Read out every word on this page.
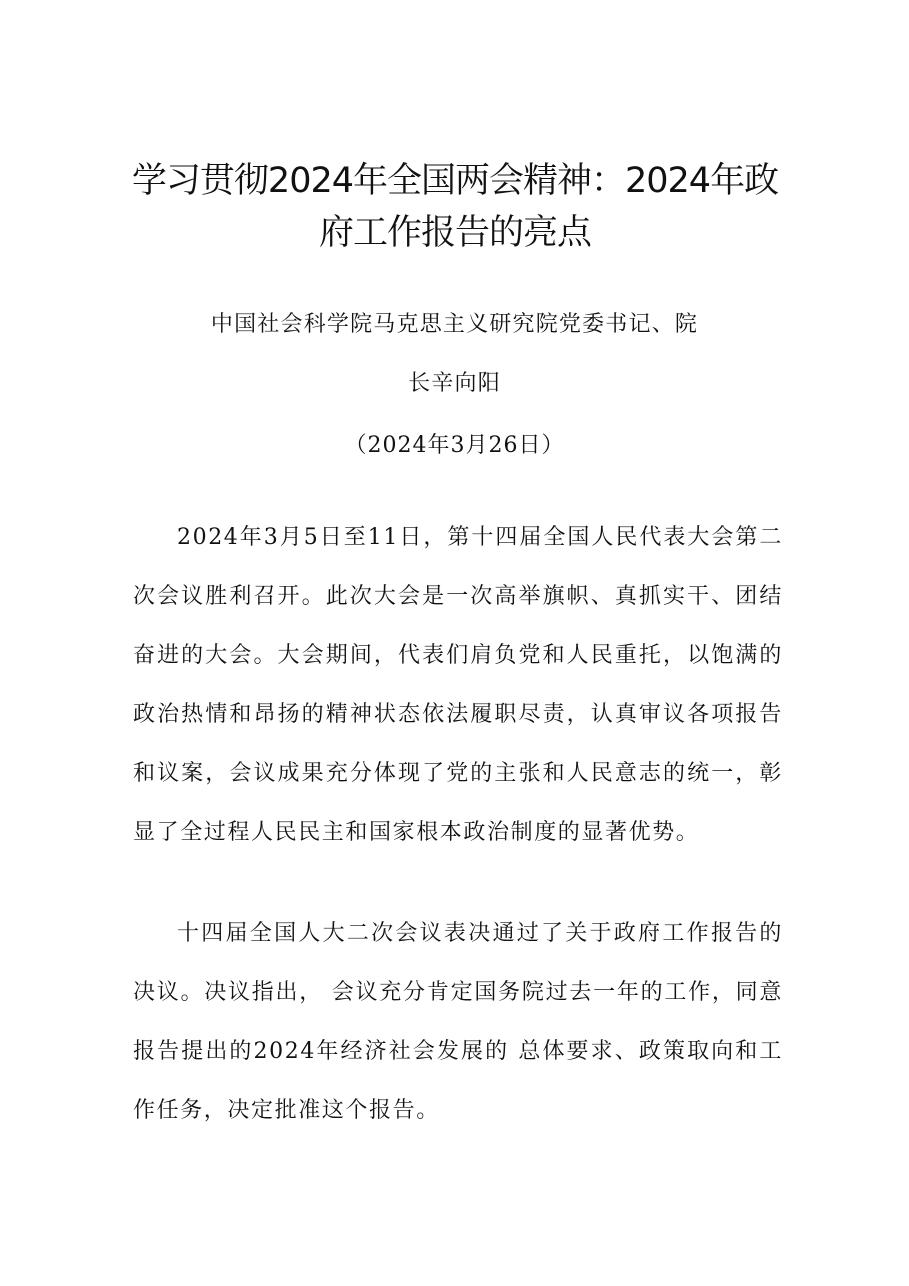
学习贯彻2024年全国两会精神：2024年政府工作报告的亮点
中国社会科学院马克思主义研究院党委书记、院
长辛向阳
（2024年3月26日）

2024年3月5日至11日，第十四届全国人民代表大会第二次会议胜利召开。此次大会是一次高举旗帜、真抓实干、团结奋进的大会。大会期间，代表们肩负党和人民重托，以饱满的政治热情和昂扬的精神状态依法履职尽责，认真审议各项报告和议案，会议成果充分体现了党的主张和人民意志的统一，彰显了全过程人民民主和国家根本政治制度的显著优势。

十四届全国人大二次会议表决通过了关于政府工作报告的决议。决议指出， 会议充分肯定国务院过去一年的工作，同意报告提出的2024年经济社会发展的 总体要求、政策取向和工作任务，决定批准这个报告。
